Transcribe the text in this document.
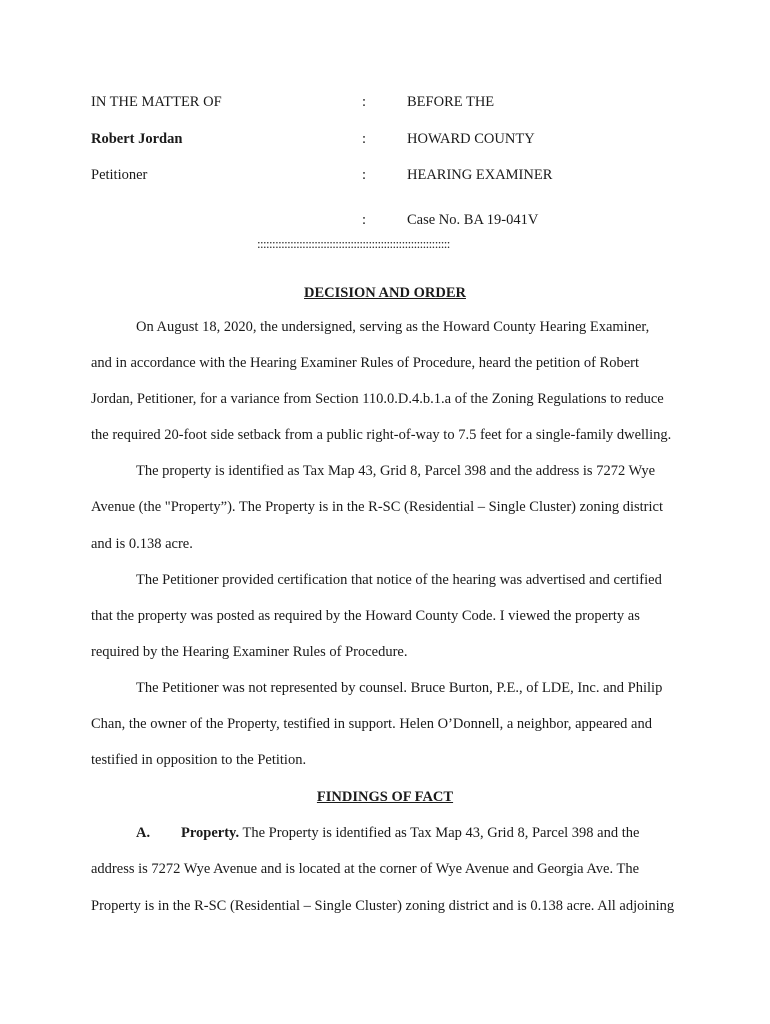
IN THE MATTER OF
Robert Jordan
Petitioner
:
:
:
:
BEFORE THE
HOWARD COUNTY
HEARING EXAMINER
Case No. BA 19-041V
::::::::::::::::::::::::::::::::::::::::::::::::::::::::::::::::
DECISION AND ORDER
On August 18, 2020, the undersigned, serving as the Howard County Hearing Examiner,
and in accordance with the Hearing Examiner Rules of Procedure, heard the petition of Robert
Jordan, Petitioner, for a variance from Section 110.0.D.4.b.1.a of the Zoning Regulations to reduce
the required 20-foot side setback from a public right-of-way to 7.5 feet for a single-family dwelling.
The property is identified as Tax Map 43, Grid 8, Parcel 398 and the address is 7272 Wye
Avenue (the "Property”). The Property is in the R-SC (Residential – Single Cluster) zoning district
and is 0.138 acre.
The Petitioner provided certification that notice of the hearing was advertised and certified
that the property was posted as required by the Howard County Code. I viewed the property as
required by the Hearing Examiner Rules of Procedure.
The Petitioner was not represented by counsel. Bruce Burton, P.E., of LDE, Inc. and Philip
Chan, the owner of the Property, testified in support. Helen O’Donnell, a neighbor, appeared and
testified in opposition to the Petition.
FINDINGS OF FACT
A. Property. The Property is identified as Tax Map 43, Grid 8, Parcel 398 and the
address is 7272 Wye Avenue and is located at the corner of Wye Avenue and Georgia Ave. The
Property is in the R-SC (Residential – Single Cluster) zoning district and is 0.138 acre. All adjoining
